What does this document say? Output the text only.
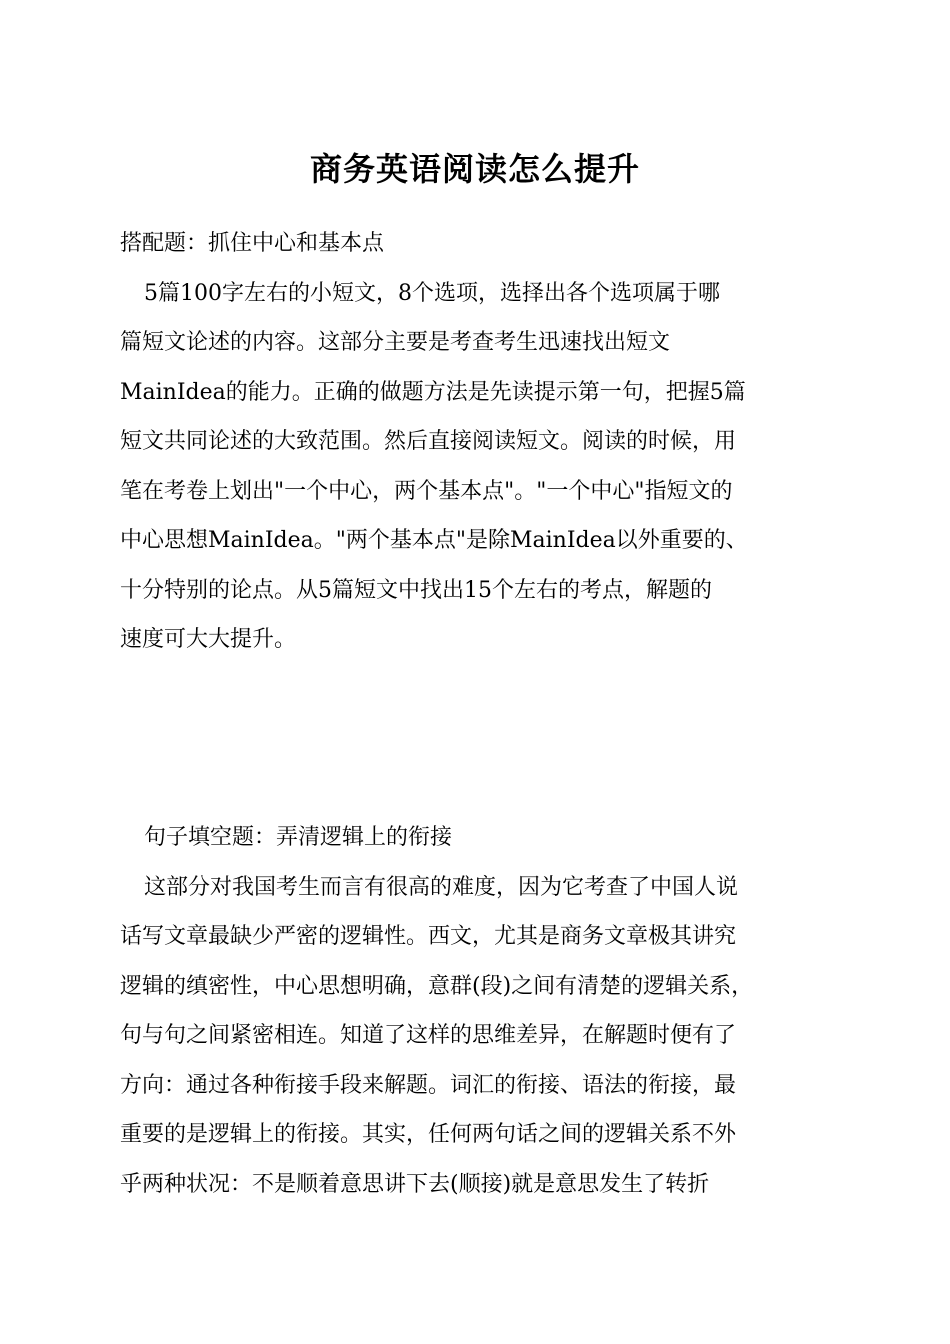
商务英语阅读怎么提升
搭配题：抓住中心和基本点
5篇100字左右的小短文，8个选项，选择出各个选项属于哪
篇短文论述的内容。这部分主要是考查考生迅速找出短文
MainIdea的能力。正确的做题方法是先读提示第一句，把握5篇
短文共同论述的大致范围。然后直接阅读短文。阅读的时候，用
笔在考卷上划出"一个中心，两个基本点"。"一个中心"指短文的
中心思想MainIdea。"两个基本点"是除MainIdea以外重要的、
十分特别的论点。从5篇短文中找出15个左右的考点，解题的
速度可大大提升。
句子填空题：弄清逻辑上的衔接
这部分对我国考生而言有很高的难度，因为它考查了中国人说
话写文章最缺少严密的逻辑性。西文，尤其是商务文章极其讲究
逻辑的缜密性，中心思想明确，意群(段)之间有清楚的逻辑关系，
句与句之间紧密相连。知道了这样的思维差异，在解题时便有了
方向：通过各种衔接手段来解题。词汇的衔接、语法的衔接，最
重要的是逻辑上的衔接。其实，任何两句话之间的逻辑关系不外
乎两种状况：不是顺着意思讲下去(顺接)就是意思发生了转折
